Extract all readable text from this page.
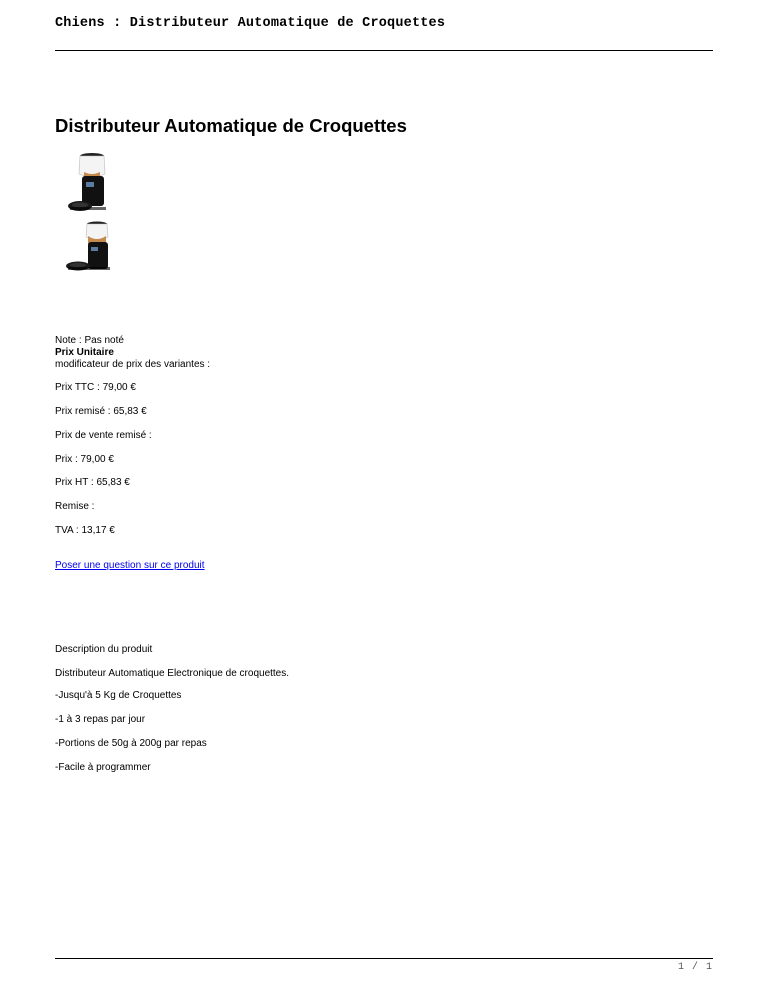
Chiens : Distributeur Automatique de Croquettes
Distributeur Automatique de Croquettes
Note : Pas noté
Prix Unitaire
modificateur de prix des variantes :
Prix TTC : 79,00 €
Prix remisé : 65,83 €
Prix de vente remisé :
Prix : 79,00 €
Prix HT : 65,83 €
Remise :
TVA : 13,17 €
Poser une question sur ce produit
Description du produit
Distributeur Automatique Electronique de croquettes.
-Jusqu'à 5 Kg de Croquettes
-1 à 3 repas par jour
-Portions de 50g à 200g par repas
-Facile à programmer
1 / 1
